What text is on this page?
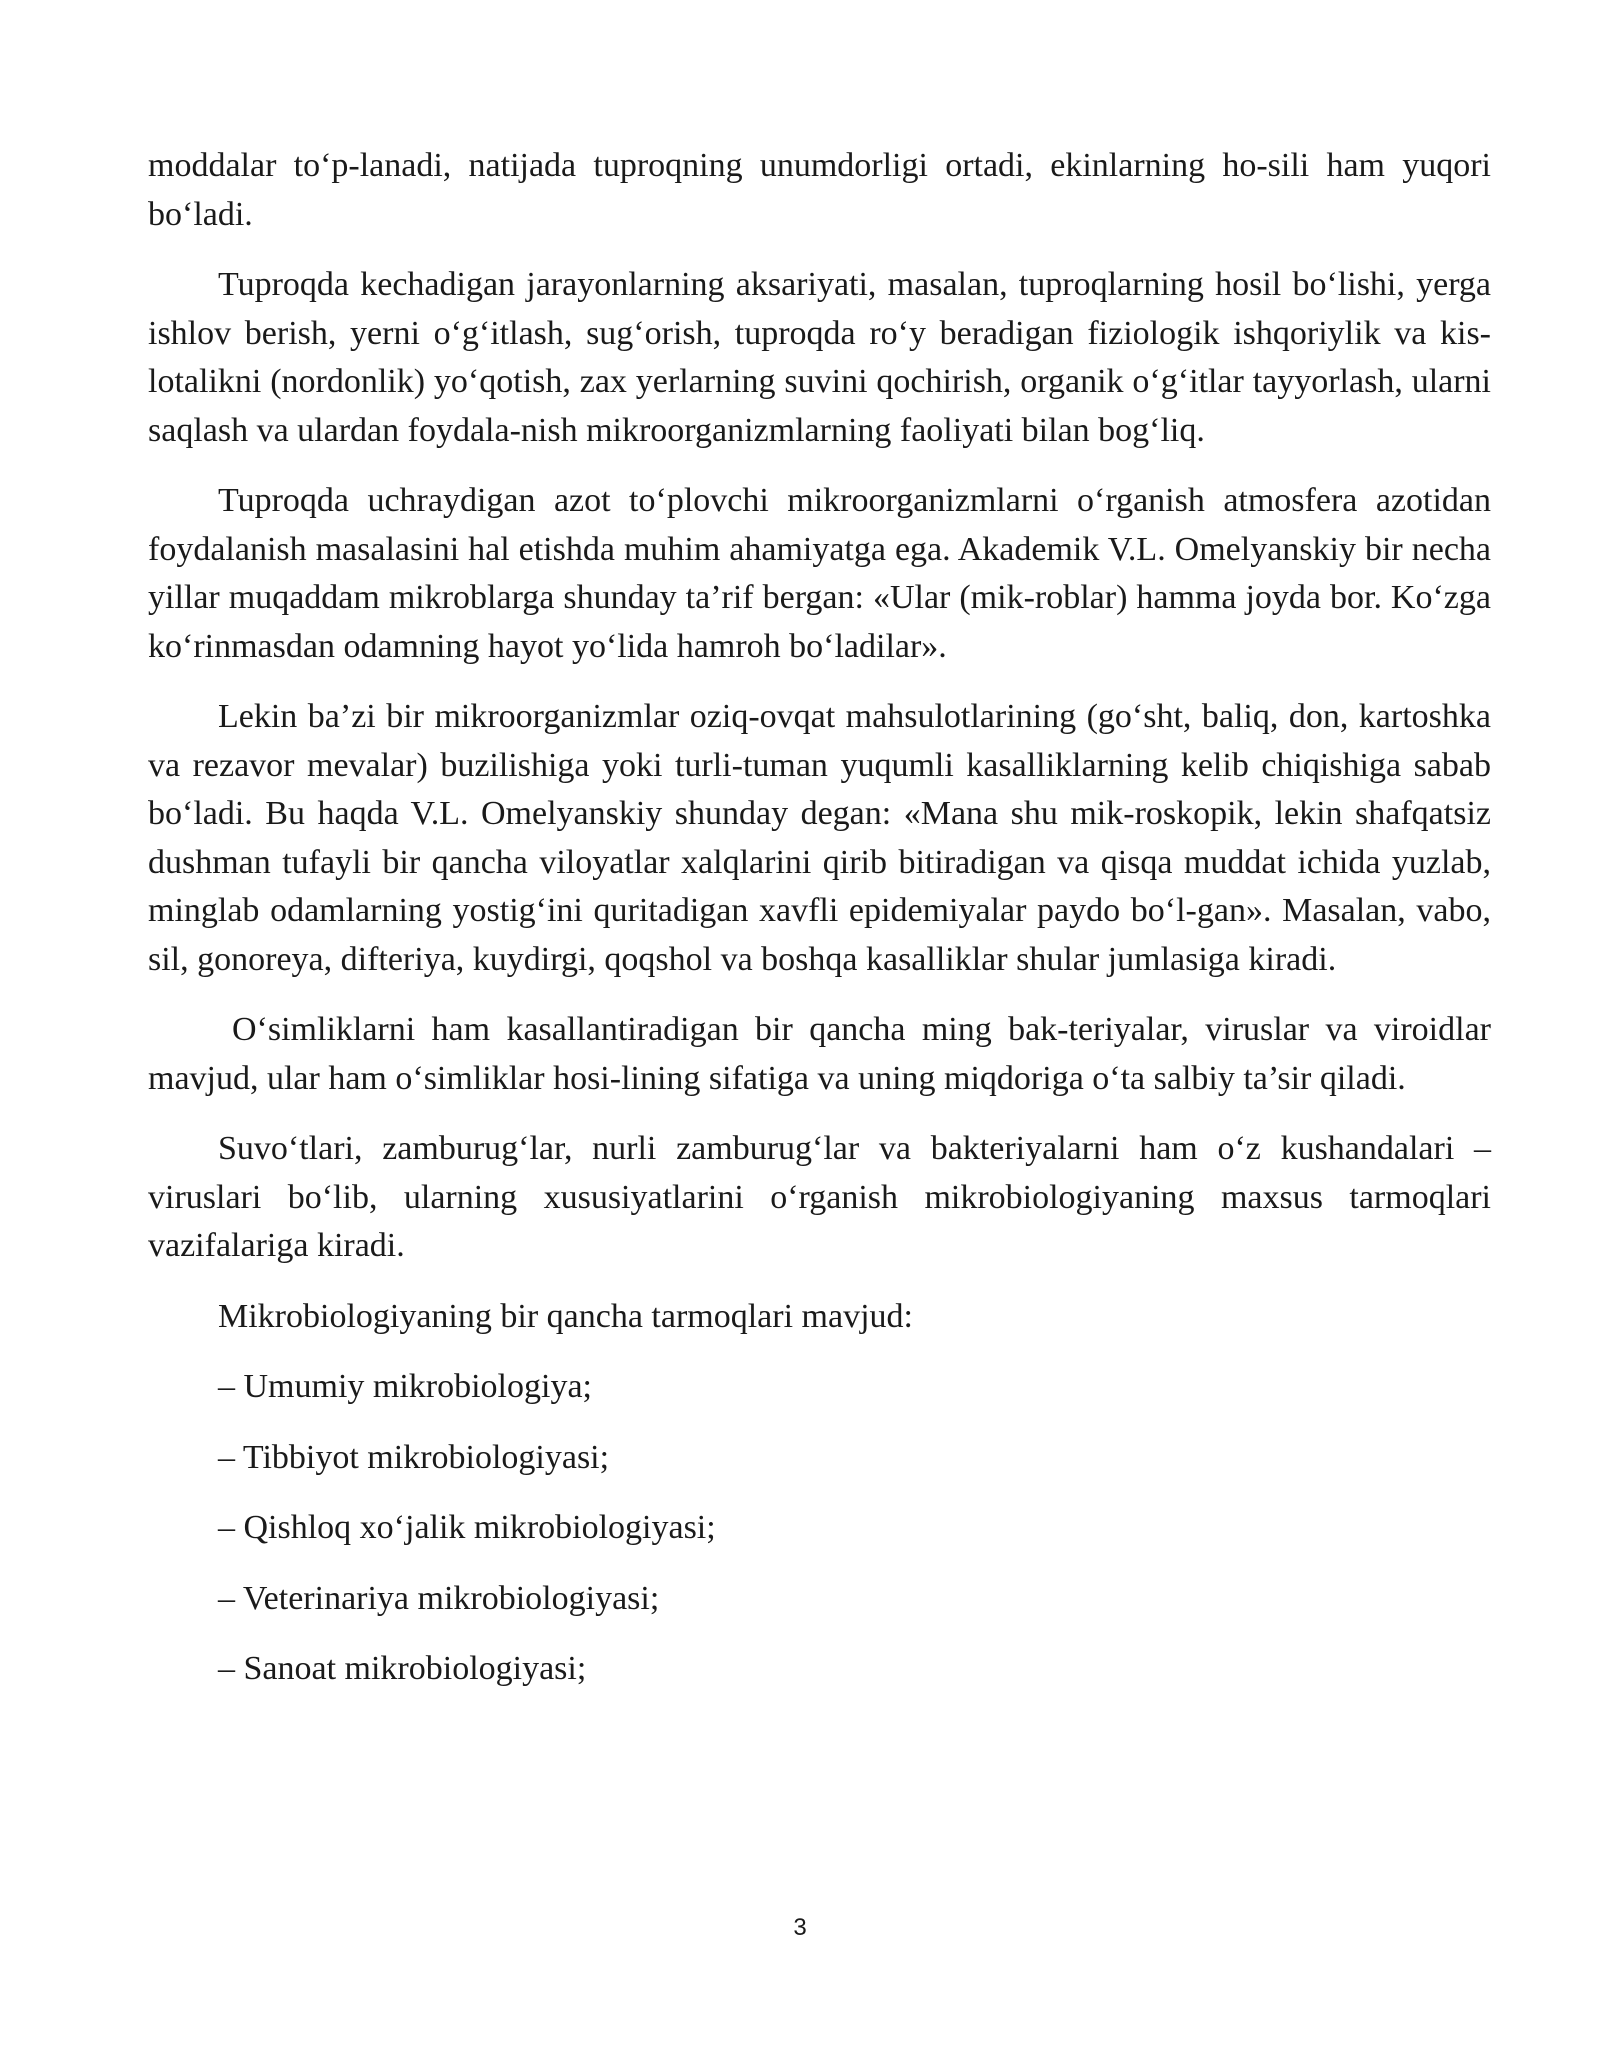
moddalar to‘p-lanadi, natijada tuproqning unumdorligi ortadi, ekinlarning ho-sili ham yuqori bo‘ladi.

Tuproqda kechadigan jarayonlarning aksariyati, masalan, tuproqlarning hosil bo‘lishi, yerga ishlov berish, yerni o‘g‘itlash, sug‘orish, tuproqda ro‘y beradigan fiziologik ishqoriylik va kis-lotalikni (nordonlik) yo‘qotish, zax yerlarning suvini qochirish, organik o‘g‘itlar tayyorlash, ularni saqlash va ulardan foydala-nish mikroorganizmlarning faoliyati bilan bog‘liq.

Tuproqda uchraydigan azot to‘plovchi mikroorganizmlarni o‘rganish atmosfera azotidan foydalanish masalasini hal etishda muhim ahamiyatga ega. Akademik V.L. Omelyanskiy bir necha yillar muqaddam mikroblarga shunday ta’rif bergan: «Ular (mik-roblar) hamma joyda bor. Ko‘zga ko‘rinmasdan odamning hayot yo‘lida hamroh bo‘ladilar».

Lekin ba’zi bir mikroorganizmlar oziq-ovqat mahsulotlarining (go‘sht, baliq, don, kartoshka va rezavor mevalar) buzilishiga yoki turli-tuman yuqumli kasalliklarning kelib chiqishiga sabab bo‘ladi. Bu haqda V.L. Omelyanskiy shunday degan: «Mana shu mik-roskopik, lekin shafqatsiz dushman tufayli bir qancha viloyatlar xalqlarini qirib bitiradigan va qisqa muddat ichida yuzlab, minglab odamlarning yostig‘ini quritadigan xavfli epidemiyalar paydo bo‘l-gan». Masalan, vabo, sil, gonoreya, difteriya, kuydirgi, qoqshol va boshqa kasalliklar shular jumlasiga kiradi.

O‘simliklarni ham kasallantiradigan bir qancha ming bak-teriyalar, viruslar va viroidlar mavjud, ular ham o‘simliklar hosi-lining sifatiga va uning miqdoriga o‘ta salbiy ta’sir qiladi.

Suvo‘tlari, zamburug‘lar, nurli zamburug‘lar va bakteriyalarni ham o‘z kushandalari – viruslari bo‘lib, ularning xususiyatlarini o‘rganish mikrobiologiyaning maxsus tarmoqlari vazifalariga kiradi.

Mikrobiologiyaning bir qancha tarmoqlari mavjud:
– Umumiy mikrobiologiya;
– Tibbiyot mikrobiologiyasi;
– Qishloq xo‘jalik mikrobiologiyasi;
– Veterinariya mikrobiologiyasi;
– Sanoat mikrobiologiyasi;
3
